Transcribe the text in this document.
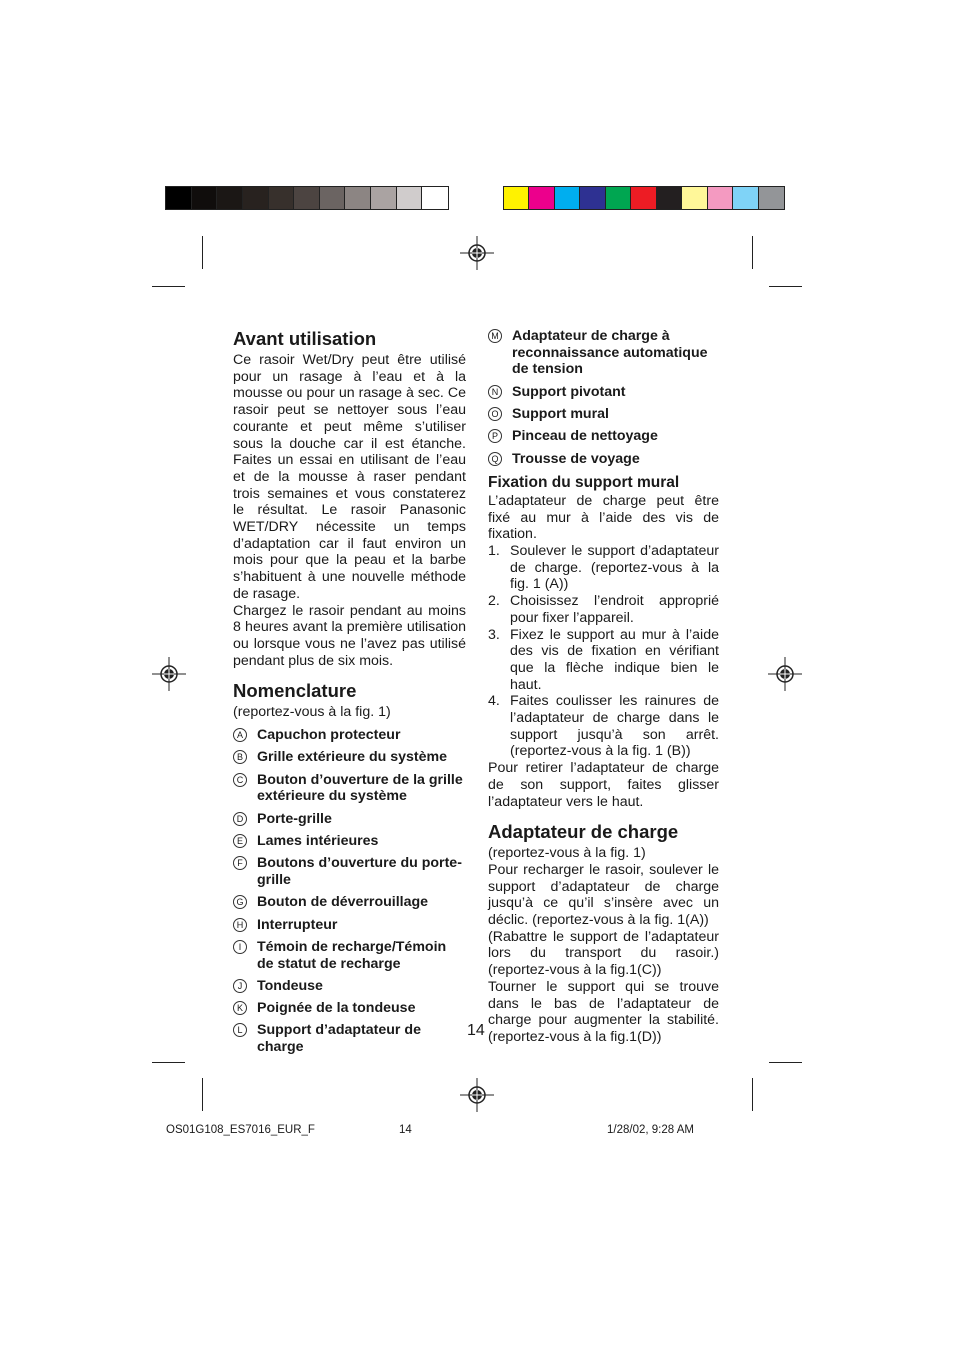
Avant utilisation

Ce rasoir Wet/Dry peut être utilisé pour un rasage à l’eau et à la mousse ou pour un rasage à sec. Ce rasoir peut se nettoyer sous l’eau courante et peut même s’utiliser sous la douche car il est étanche. Faites un essai en utilisant de l’eau et de la mousse à raser pendant trois semaines et vous constaterez le résultat. Le rasoir Panasonic WET/DRY nécessite un temps d’adaptation car il faut environ un mois pour que la peau et la barbe s’habituent à une nouvelle méthode de rasage.

Chargez le rasoir pendant au moins 8 heures avant la première utilisation ou lorsque vous ne l’avez pas utilisé pendant plus de six mois.

Nomenclature

(reportez-vous à la fig. 1)

A Capuchon protecteur
B Grille extérieure du système
C Bouton d’ouverture de la grille extérieure du système
D Porte-grille
E Lames intérieures
F Boutons d’ouverture du porte-grille
G Bouton de déverrouillage
H Interrupteur
I	Témoin de recharge/Témoin de statut de recharge
J	Tondeuse
K Poignée de la tondeuse
L	Support d’adaptateur de charge
M Adaptateur de charge à reconnaissance automatique de tension
N Support pivotant
O Support mural
P Pinceau de nettoyage
Q Trousse de voyage
Fixation du support mural

L’adaptateur de charge peut être fixé au mur à l’aide des vis de fixation.

1. Soulever le support d’adaptateur de charge. (reportez-vous à la fig. 1 (A))
2. Choisissez l’endroit approprié pour fixer l’appareil.
3. Fixez le support au mur à l’aide des vis de fixation en vérifiant que la flèche indique bien le haut.
4. Faites coulisser les rainures de l’adaptateur de charge dans le support jusqu’à son arrêt. (reportez-vous à la fig. 1 (B))

Pour retirer l’adaptateur de charge de son support, faites glisser l’adaptateur vers le haut.

Adaptateur de charge

(reportez-vous à la fig. 1)

Pour recharger le rasoir, soulever le support d’adaptateur de charge jusqu’à ce qu’il s’insère avec un déclic. (reportez-vous à la fig. 1(A))

(Rabattre le support de l’adaptateur lors du transport du rasoir.) (reportez-vous à la fig.1(C))

Tourner le support qui se trouve dans le bas de l’adaptateur de charge pour augmenter la stabilité. (reportez-vous à la fig.1(D))

14
OS01G108_ES7016_EUR_F	14	1/28/02, 9:28 AM
